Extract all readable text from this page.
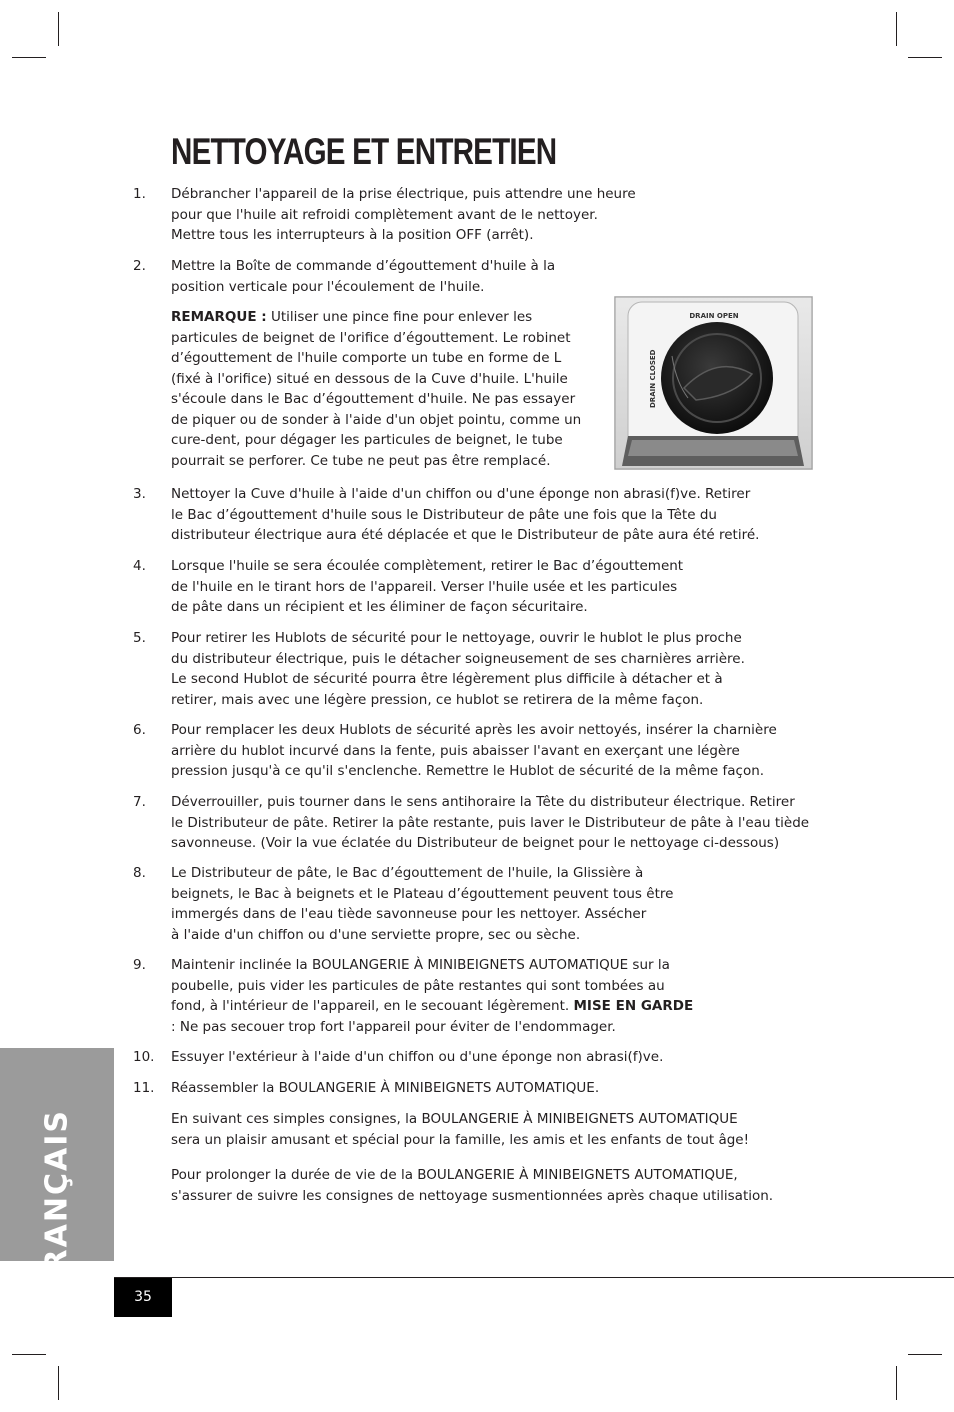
NETTOYAGE ET ENTRETIEN
1. Débrancher l'appareil de la prise électrique, puis attendre une heure
pour que l'huile ait refroidi complètement avant de le nettoyer.
Mettre tous les interrupteurs à la position OFF (arrêt).
2. Mettre la Boîte de commande d’égouttement d'huile à la
position verticale pour l'écoulement de l'huile.
REMARQUE : Utiliser une pince fine pour enlever les
particules de beignet de l'orifice d’égouttement. Le robinet
d’égouttement de l'huile comporte un tube en forme de L
(fixé à l'orifice) situé en dessous de la Cuve d'huile. L'huile
s'écoule dans le Bac d’égouttement d'huile. Ne pas essayer
de piquer ou de sonder à l'aide d'un objet pointu, comme un
cure-dent, pour dégager les particules de beignet, le tube
pourrait se perforer. Ce tube ne peut pas être remplacé.
DRAIN OPEN
DRAIN CLOSED
3. Nettoyer la Cuve d'huile à l'aide d'un chiffon ou d'une éponge non abrasi(f)ve. Retirer
le Bac d’égouttement d'huile sous le Distributeur de pâte une fois que la Tête du
distributeur électrique aura été déplacée et que le Distributeur de pâte aura été retiré.
4. Lorsque l'huile se sera écoulée complètement, retirer le Bac d’égouttement
de l'huile en le tirant hors de l'appareil. Verser l'huile usée et les particules
de pâte dans un récipient et les éliminer de façon sécuritaire.
5. Pour retirer les Hublots de sécurité pour le nettoyage, ouvrir le hublot le plus proche
du distributeur électrique, puis le détacher soigneusement de ses charnières arrière.
Le second Hublot de sécurité pourra être légèrement plus difficile à détacher et à
retirer, mais avec une légère pression, ce hublot se retirera de la même façon.
6. Pour remplacer les deux Hublots de sécurité après les avoir nettoyés, insérer la charnière
arrière du hublot incurvé dans la fente, puis abaisser l'avant en exerçant une légère
pression jusqu'à ce qu'il s'enclenche. Remettre le Hublot de sécurité de la même façon.
7. Déverrouiller, puis tourner dans le sens antihoraire la Tête du distributeur électrique. Retirer
le Distributeur de pâte. Retirer la pâte restante, puis laver le Distributeur de pâte à l'eau tiède
savonneuse. (Voir la vue éclatée du Distributeur de beignet pour le nettoyage ci-dessous)
8. Le Distributeur de pâte, le Bac d’égouttement de l'huile, la Glissière à
beignets, le Bac à beignets et le Plateau d’égouttement peuvent tous être
immergés dans de l'eau tiède savonneuse pour les nettoyer. Assécher
à l'aide d'un chiffon ou d'une serviette propre, sec ou sèche.
9. Maintenir inclinée la BOULANGERIE À MINIBEIGNETS AUTOMATIQUE sur la
poubelle, puis vider les particules de pâte restantes qui sont tombées au
fond, à l'intérieur de l'appareil, en le secouant légèrement. MISE EN GARDE
: Ne pas secouer trop fort l'appareil pour éviter de l'endommager.
10. Essuyer l'extérieur à l'aide d'un chiffon ou d'une éponge non abrasi(f)ve.
11. Réassembler la BOULANGERIE À MINIBEIGNETS AUTOMATIQUE.
En suivant ces simples consignes, la BOULANGERIE À MINIBEIGNETS AUTOMATIQUE
sera un plaisir amusant et spécial pour la famille, les amis et les enfants de tout âge!
Pour prolonger la durée de vie de la BOULANGERIE À MINIBEIGNETS AUTOMATIQUE,
s'assurer de suivre les consignes de nettoyage susmentionnées après chaque utilisation.
FRANÇAIS
35
